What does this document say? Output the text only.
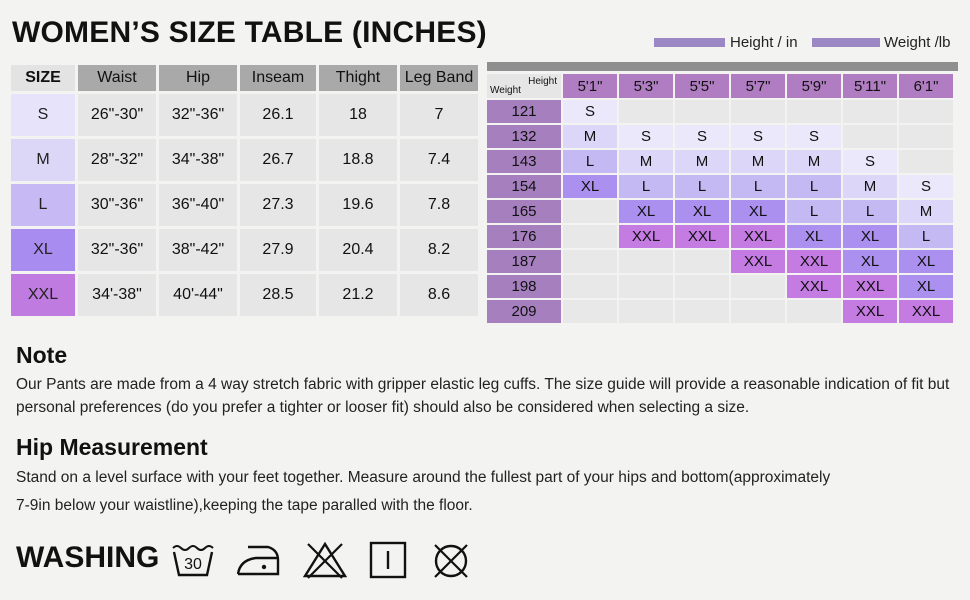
WOMEN’S SIZE TABLE (INCHES)	Height / in	Weight /lb
SIZE	Waist	Hip	Inseam	Thight	Leg Band
S	26"-30"	32"-36"	26.1	18	7
M	28"-32"	34"-38"	26.7	18.8	7.4
L	30"-36"	36"-40"	27.3	19.6	7.8
XL	32"-36"	38"-42"	27.9	20.4	8.2
XXL	34'-38"	40'-44"	28.5	21.2	8.6
Height
Weight	5'1"	5'3"	5'5"	5'7"	5'9"	5'11"	6'1"
121	S						
132	M	S	S	S	S		
143	L	M	M	M	M	S	
154	XL	L	L	L	L	M	S
165		XL	XL	XL	L	L	M
176		XXL	XXL	XXL	XL	XL	L
187				XXL	XXL	XL	XL
198					XXL	XXL	XL
209						XXL	XXL
Note
Our Pants are made from a 4 way stretch fabric with gripper elastic leg cuffs. The size guide will provide a reasonable indication of fit but personal preferences (do you prefer a tighter or looser fit) should also be considered when selecting a size.
Hip Measurement
Stand on a level surface with your feet together. Measure around the fullest part of your hips and bottom(approximately
7-9in below your waistline),keeping the tape paralled with the floor.
WASHING 30
